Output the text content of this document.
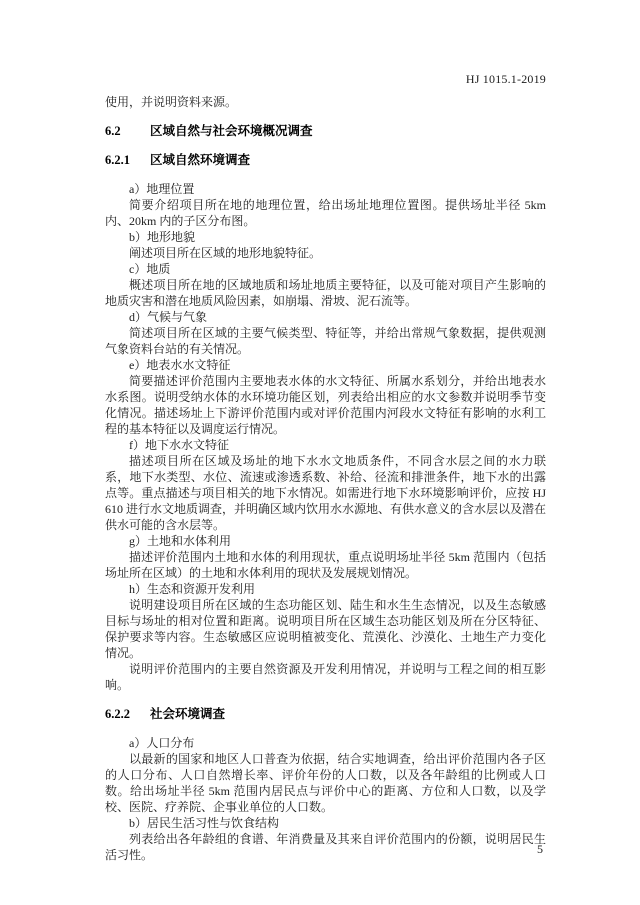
HJ 1015.1-2019

使用，并说明资料来源。

6.2 区域自然与社会环境概况调查
6.2.1 区域自然环境调查

a）地理位置

简要介绍项目所在地的地理位置，给出场址地理位置图。提供场址半径 5km 内、20km 内的子区分布图。

b）地形地貌

阐述项目所在区域的地形地貌特征。

c）地质

概述项目所在地的区域地质和场址地质主要特征，以及可能对项目产生影响的地质灾害和潜在地质风险因素，如崩塌、滑坡、泥石流等。

d）气候与气象

简述项目所在区域的主要气候类型、特征等，并给出常规气象数据，提供观测气象资料台站的有关情况。

e）地表水水文特征

简要描述评价范围内主要地表水体的水文特征、所属水系划分，并给出地表水水系图。说明受纳水体的水环境功能区划，列表给出相应的水文参数并说明季节变化情况。描述场址上下游评价范围内或对评价范围内河段水文特征有影响的水利工程的基本特征以及调度运行情况。

f）地下水水文特征

描述项目所在区域及场址的地下水水文地质条件，不同含水层之间的水力联系，地下水类型、水位、流速或渗透系数、补给、径流和排泄条件，地下水的出露点等。重点描述与项目相关的地下水情况。如需进行地下水环境影响评价，应按 HJ 610 进行水文地质调查，并明确区域内饮用水水源地、有供水意义的含水层以及潜在供水可能的含水层等。

g）土地和水体利用

描述评价范围内土地和水体的利用现状，重点说明场址半径 5km 范围内（包括场址所在区域）的土地和水体利用的现状及发展规划情况。

h）生态和资源开发利用

说明建设项目所在区域的生态功能区划、陆生和水生生态情况，以及生态敏感目标与场址的相对位置和距离。说明项目所在区域生态功能区划及所在分区特征、保护要求等内容。生态敏感区应说明植被变化、荒漠化、沙漠化、土地生产力变化情况。

说明评价范围内的主要自然资源及开发利用情况，并说明与工程之间的相互影响。

6.2.2 社会环境调查

a）人口分布

以最新的国家和地区人口普查为依据，结合实地调查，给出评价范围内各子区的人口分布、人口自然增长率、评价年份的人口数，以及各年龄组的比例或人口数。给出场址半径 5km 范围内居民点与评价中心的距离、方位和人口数，以及学校、医院、疗养院、企事业单位的人口数。

b）居民生活习性与饮食结构

列表给出各年龄组的食谱、年消费量及其来自评价范围内的份额，说明居民生活习性。	5
